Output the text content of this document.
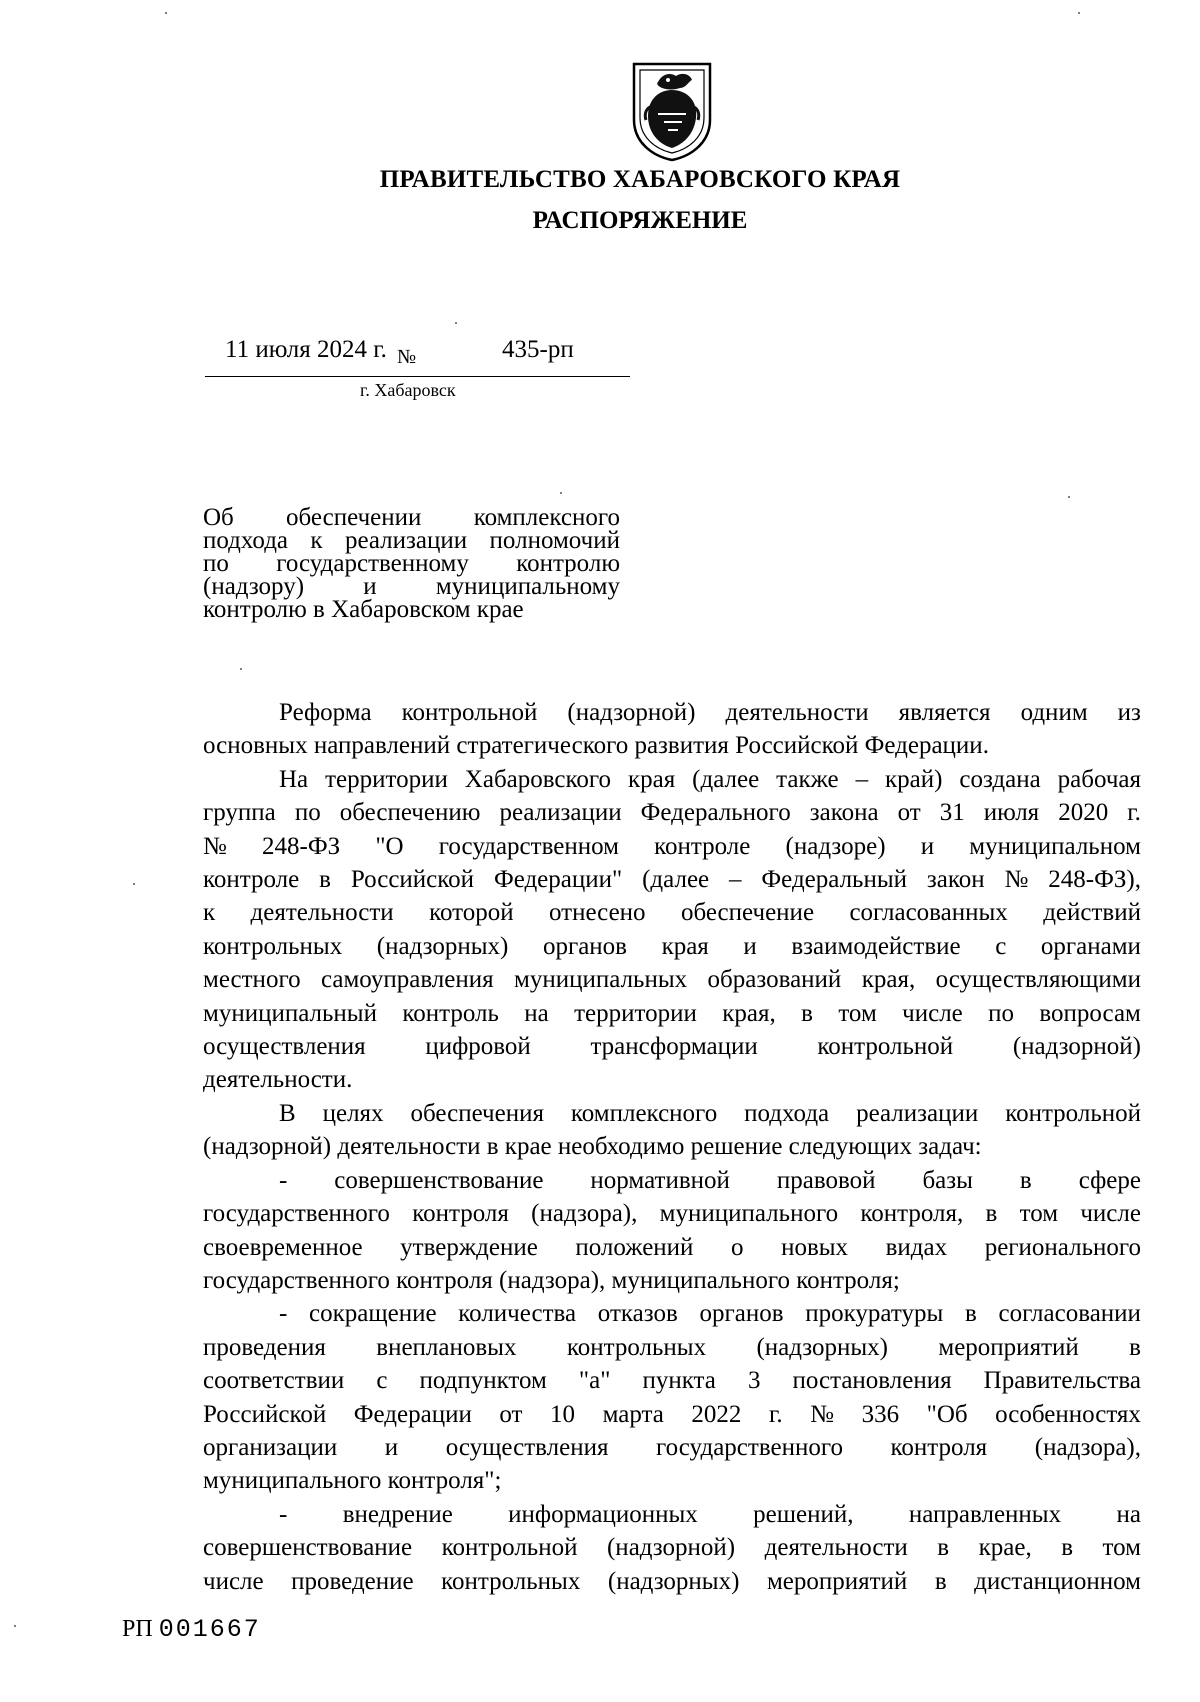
ПРАВИТЕЛЬСТВО ХАБАРОВСКОГО КРАЯ
РАСПОРЯЖЕНИЕ
11 июля 2024 г. №	435-рп
г. Хабаровск
Об обеспечении комплексного
подхода к реализации полномочий
по государственному контролю
(надзору) и муниципальному
контролю в Хабаровском крае
Реформа контрольной (надзорной) деятельности является одним из
основных направлений стратегического развития Российской Федерации.
На территории Хабаровского края (далее также – край) создана рабочая
группа по обеспечению реализации Федерального закона от 31 июля 2020 г.
№ 248-ФЗ "О государственном контроле (надзоре) и муниципальном
контроле в Российской Федерации" (далее – Федеральный закон № 248-ФЗ),
к деятельности которой отнесено обеспечение согласованных действий
контрольных (надзорных) органов края и взаимодействие с органами
местного самоуправления муниципальных образований края, осуществляющими
муниципальный контроль на территории края, в том числе по вопросам
осуществления цифровой трансформации контрольной (надзорной)
деятельности.
В целях обеспечения комплексного подхода реализации контрольной
(надзорной) деятельности в крае необходимо решение следующих задач:
- совершенствование нормативной правовой базы в сфере
государственного контроля (надзора), муниципального контроля, в том числе
своевременное утверждение положений о новых видах регионального
государственного контроля (надзора), муниципального контроля;
- сокращение количества отказов органов прокуратуры в согласовании
проведения внеплановых контрольных (надзорных) мероприятий в
соответствии с подпунктом "а" пункта 3 постановления Правительства
Российской Федерации от 10 марта 2022 г. № 336 "Об особенностях
организации и осуществления государственного контроля (надзора),
муниципального контроля";
- внедрение информационных решений, направленных на
совершенствование контрольной (надзорной) деятельности в крае, в том
числе проведение контрольных (надзорных) мероприятий в дистанционном
РП 001667
